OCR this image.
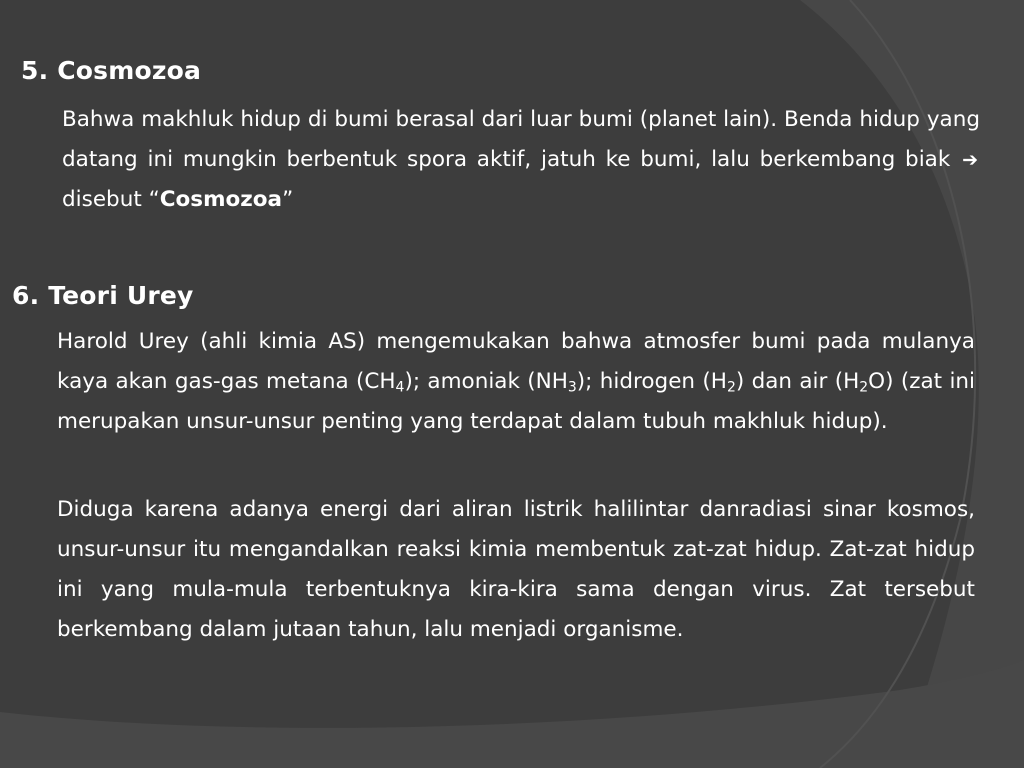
5. Cosmozoa

Bahwa makhluk hidup di bumi berasal dari luar bumi (planet lain). Benda hidup yang datang ini mungkin berbentuk spora aktif, jatuh ke bumi, lalu berkembang biak ➔ disebut “Cosmozoa”

6. Teori Urey

Harold Urey (ahli kimia AS) mengemukakan bahwa atmosfer bumi pada mulanya kaya akan gas-gas metana $(CH_4)$; amoniak $(NH_3)$; hidrogen $(H_2)$ dan air $(H_2O)$ (zat ini merupakan unsur-unsur penting yang terdapat dalam tubuh makhluk hidup).

Diduga karena adanya energi dari aliran listrik halilintar danradiasi sinar kosmos, unsur-unsur itu mengandalkan reaksi kimia membentuk zat-zat hidup. Zat-zat hidup ini yang mula-mula terbentuknya kira-kira sama dengan virus. Zat tersebut berkembang dalam jutaan tahun, lalu menjadi organisme.
